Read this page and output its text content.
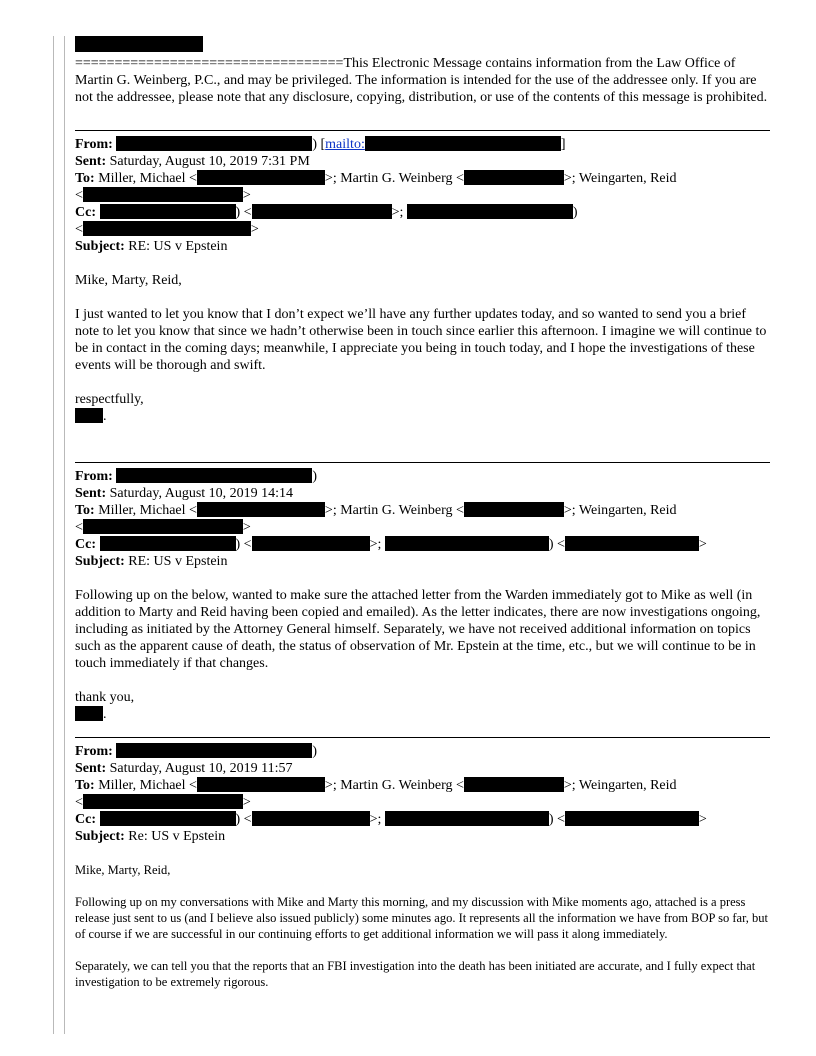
==================================This Electronic Message contains information from the Law Office of Martin G. Weinberg, P.C., and may be privileged. The information is intended for the use of the addressee only. If you are not the addressee, please note that any disclosure, copying, distribution, or use of the contents of this message is prohibited.

From:	) [mailto:	]

Sent: Saturday, August 10, 2019 7:31 PM

To: Miller, Michael <	>; Martin G. Weinberg <	>; Weingarten, Reid

<	>

Cc:	) <	>;	)

<	>

Subject: RE: US v Epstein

Mike, Marty, Reid,

I just wanted to let you know that I don’t expect we’ll have any further updates today, and so wanted to send you a brief note to let you know that since we hadn’t otherwise been in touch since earlier this afternoon. I imagine we will continue to be in contact in the coming days; meanwhile, I appreciate you being in touch today, and I hope the investigations of these events will be thorough and swift.

respectfully,

.

From:	)

Sent: Saturday, August 10, 2019 14:14

To: Miller, Michael <	>; Martin G. Weinberg <	>; Weingarten, Reid

<	>

Cc:	) <	>;	) <	>

Subject: RE: US v Epstein

Following up on the below, wanted to make sure the attached letter from the Warden immediately got to Mike as well (in addition to Marty and Reid having been copied and emailed). As the letter indicates, there are now investigations ongoing, including as initiated by the Attorney General himself. Separately, we have not received additional information on topics such as the apparent cause of death, the status of observation of Mr. Epstein at the time, etc., but we will continue to be in touch immediately if that changes.

thank you,

.

From:	)

Sent: Saturday, August 10, 2019 11:57

To: Miller, Michael <	>; Martin G. Weinberg <	>; Weingarten, Reid

<	>

Cc:	) <	>;	) <	>

Subject: Re: US v Epstein

Mike, Marty, Reid,

Following up on my conversations with Mike and Marty this morning, and my discussion with Mike moments ago, attached is a press release just sent to us (and I believe also issued publicly) some minutes ago. It represents all the information we have from BOP so far, but of course if we are successful in our continuing efforts to get additional information we will pass it along immediately.

Separately, we can tell you that the reports that an FBI investigation into the death has been initiated are accurate, and I fully expect that investigation to be extremely rigorous.
